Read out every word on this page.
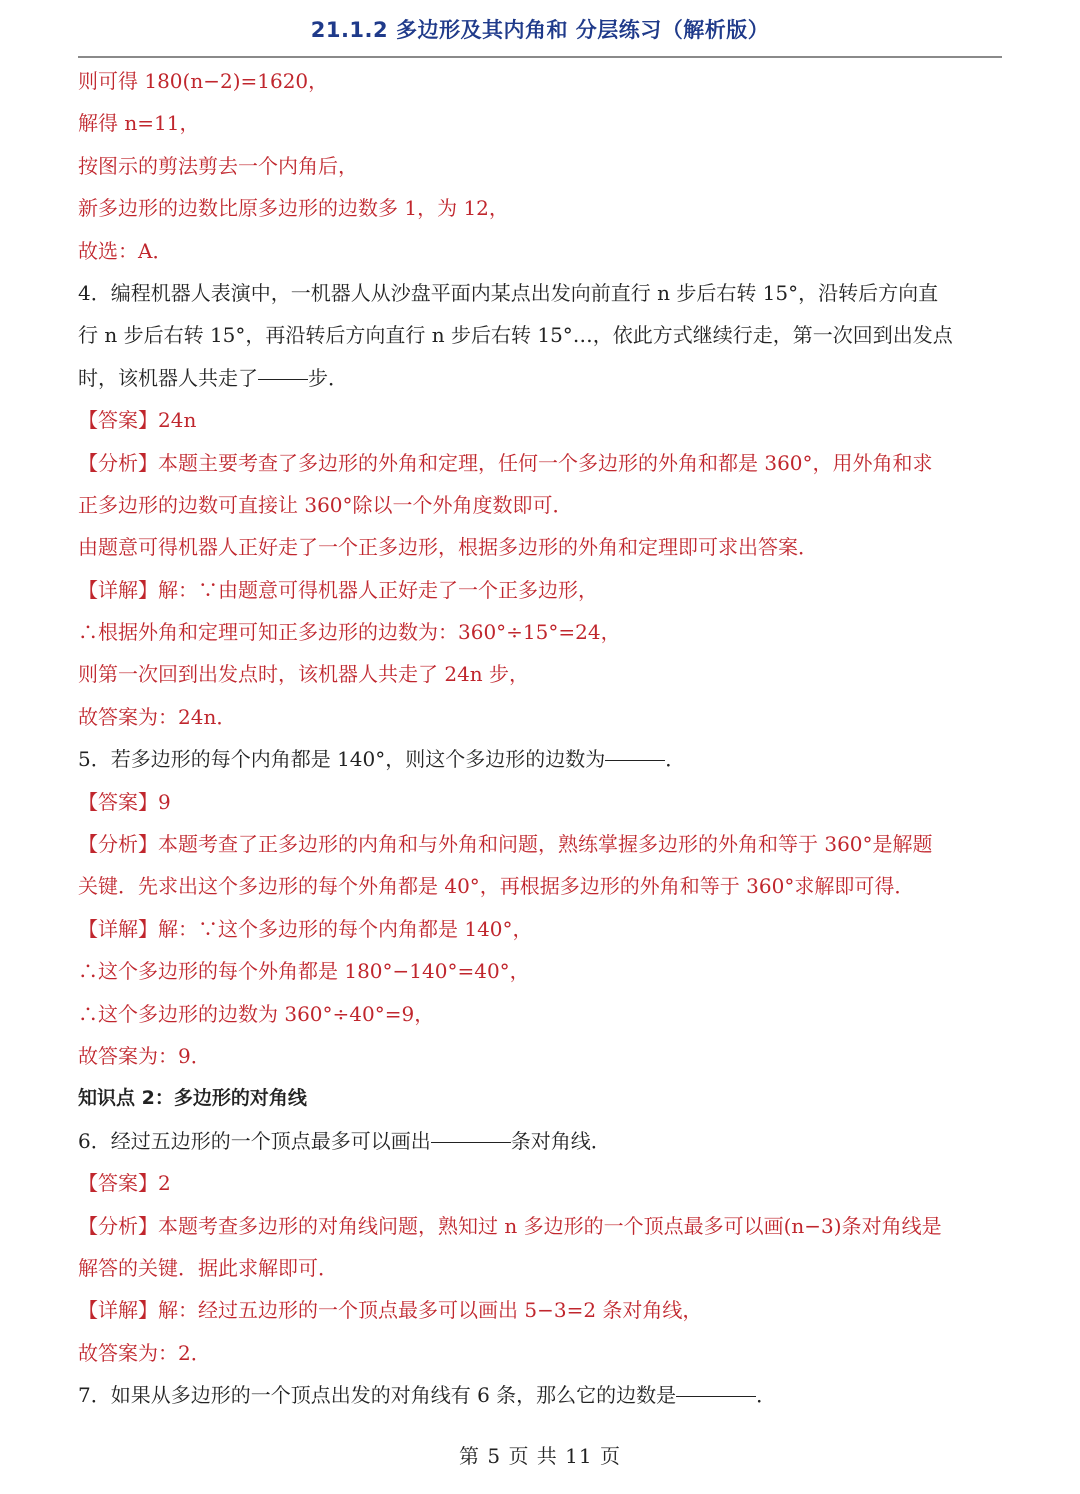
21.1.2 多边形及其内角和 分层练习（解析版）
则可得 180(n−2)=1620，
解得 n=11，
按图示的剪法剪去一个内角后，
新多边形的边数比原多边形的边数多 1，为 12，
故选：A．
4．编程机器人表演中，一机器人从沙盘平面内某点出发向前直行 n 步后右转 15°，沿转后方向直
行 n 步后右转 15°，再沿转后方向直行 n 步后右转 15°…，依此方式继续行走，第一次回到出发点
时，该机器人共走了	步．
【答案】24n
【分析】本题主要考查了多边形的外角和定理，任何一个多边形的外角和都是 360°，用外角和求
正多边形的边数可直接让 360°除以一个外角度数即可．
由题意可得机器人正好走了一个正多边形，根据多边形的外角和定理即可求出答案．
【详解】解：∵由题意可得机器人正好走了一个正多边形，
∴根据外角和定理可知正多边形的边数为：360°÷15°=24，
则第一次回到出发点时，该机器人共走了 24n 步，
故答案为：24n．
5．若多边形的每个内角都是 140°，则这个多边形的边数为	．
【答案】9
【分析】本题考查了正多边形的内角和与外角和问题，熟练掌握多边形的外角和等于 360°是解题
关键．先求出这个多边形的每个外角都是 40°，再根据多边形的外角和等于 360°求解即可得．
【详解】解：∵这个多边形的每个内角都是 140°，
∴这个多边形的每个外角都是 180°−140°=40°，
∴这个多边形的边数为 360°÷40°=9，
故答案为：9．
知识点 2：多边形的对角线
6．经过五边形的一个顶点最多可以画出	条对角线．
【答案】2
【分析】本题考查多边形的对角线问题，熟知过 n 多边形的一个顶点最多可以画(n−3)条对角线是
解答的关键．据此求解即可．
【详解】解：经过五边形的一个顶点最多可以画出 5−3=2 条对角线，
故答案为：2．
7．如果从多边形的一个顶点出发的对角线有 6 条，那么它的边数是	．
第 5 页 共 11 页
